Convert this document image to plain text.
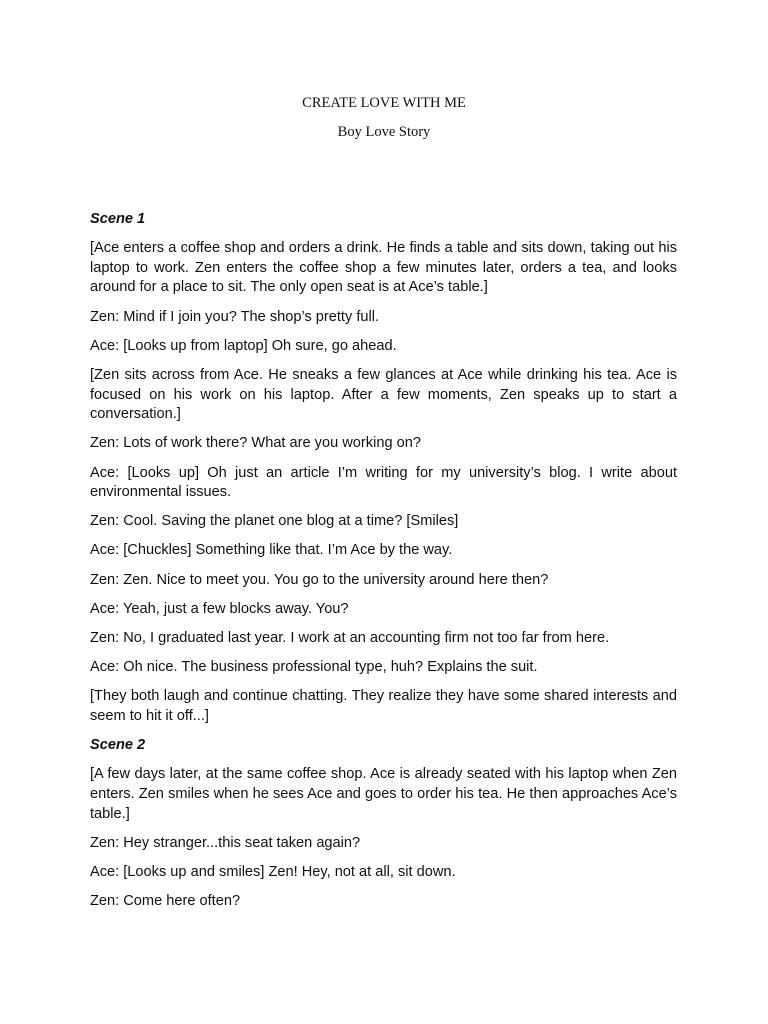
CREATE LOVE WITH ME

Boy Love Story

Scene 1

[Ace enters a coffee shop and orders a drink. He finds a table and sits down, taking out his laptop to work. Zen enters the coffee shop a few minutes later, orders a tea, and looks around for a place to sit. The only open seat is at Ace’s table.]

Zen: Mind if I join you? The shop’s pretty full.

Ace: [Looks up from laptop] Oh sure, go ahead.

[Zen sits across from Ace. He sneaks a few glances at Ace while drinking his tea. Ace is focused on his work on his laptop. After a few moments, Zen speaks up to start a conversation.]

Zen: Lots of work there? What are you working on?

Ace: [Looks up] Oh just an article I’m writing for my university’s blog. I write about environmental issues.

Zen: Cool. Saving the planet one blog at a time? [Smiles]

Ace: [Chuckles] Something like that. I’m Ace by the way.

Zen: Zen. Nice to meet you. You go to the university around here then?

Ace: Yeah, just a few blocks away. You?

Zen: No, I graduated last year. I work at an accounting firm not too far from here.

Ace: Oh nice. The business professional type, huh? Explains the suit.

[They both laugh and continue chatting. They realize they have some shared interests and seem to hit it off...]

Scene 2

[A few days later, at the same coffee shop. Ace is already seated with his laptop when Zen enters. Zen smiles when he sees Ace and goes to order his tea. He then approaches Ace’s table.]

Zen: Hey stranger...this seat taken again?

Ace: [Looks up and smiles] Zen! Hey, not at all, sit down.

Zen: Come here often?
